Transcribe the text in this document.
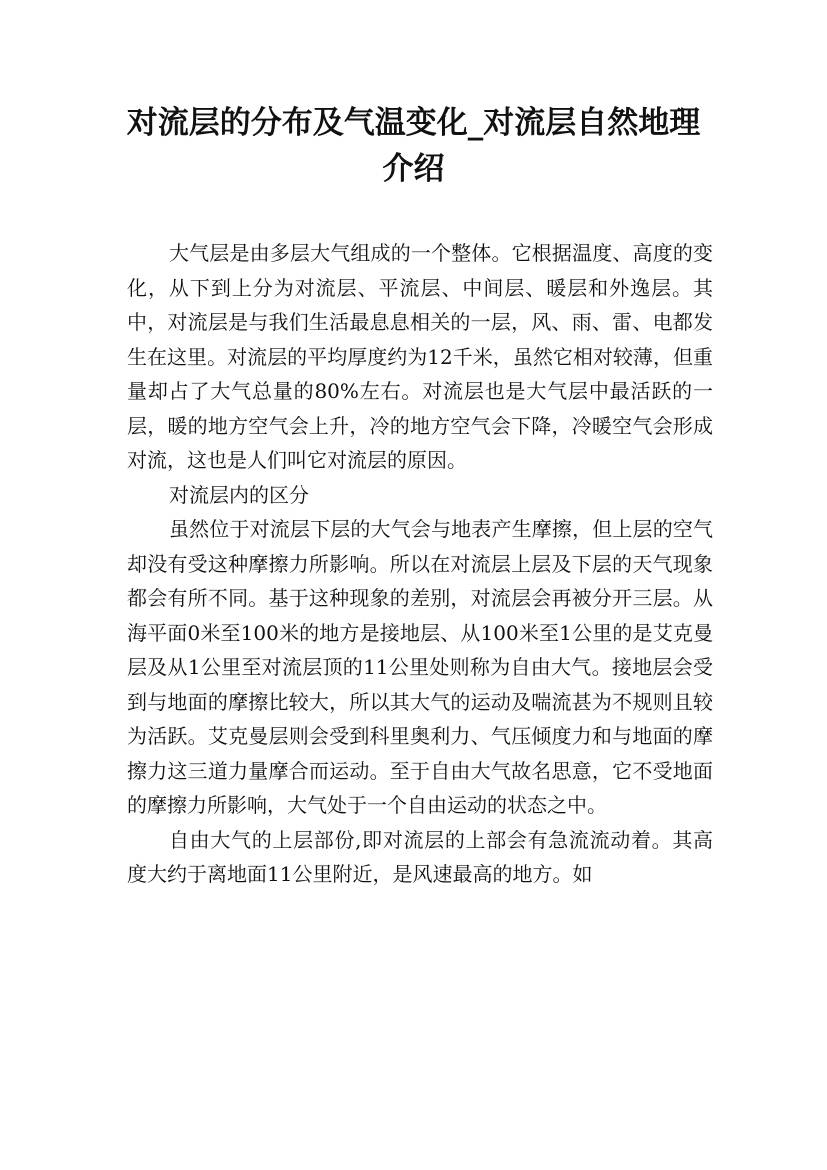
对流层的分布及气温变化_对流层自然地理
介绍

大气层是由多层大气组成的一个整体。它根据温度、高度的变化，从下到上分为对流层、平流层、中间层、暖层和外逸层。其中，对流层是与我们生活最息息相关的一层，风、雨、雷、电都发生在这里。对流层的平均厚度约为12千米，虽然它相对较薄，但重量却占了大气总量的80%左右。对流层也是大气层中最活跃的一层，暖的地方空气会上升，冷的地方空气会下降，冷暖空气会形成对流，这也是人们叫它对流层的原因。

对流层内的区分

虽然位于对流层下层的大气会与地表产生摩擦，但上层的空气却没有受这种摩擦力所影响。所以在对流层上层及下层的天气现象都会有所不同。基于这种现象的差别，对流层会再被分开三层。从海平面0米至100米的地方是接地层、从100米至1公里的是艾克曼层及从1公里至对流层顶的11公里处则称为自由大气。接地层会受到与地面的摩擦比较大，所以其大气的运动及喘流甚为不规则且较为活跃。艾克曼层则会受到科里奥利力、气压倾度力和与地面的摩擦力这三道力量摩合而运动。至于自由大气故名思意，它不受地面的摩擦力所影响，大气处于一个自由运动的状态之中。

自由大气的上层部份,即对流层的上部会有急流流动着。其高度大约于离地面11公里附近，是风速最高的地方。如
